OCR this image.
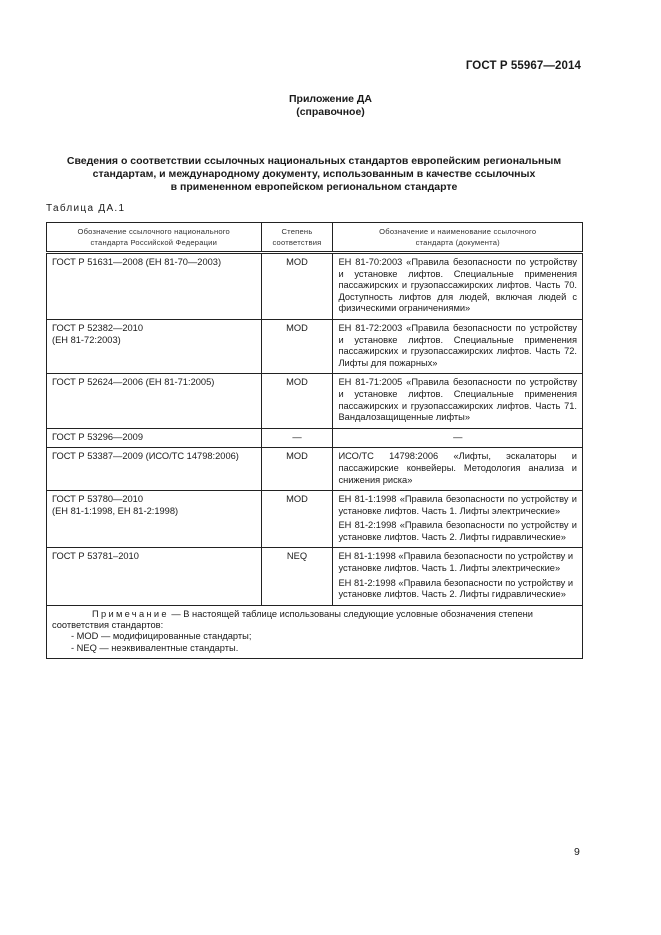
ГОСТ Р 55967—2014
Приложение ДА
(справочное)
Сведения о соответствии ссылочных национальных стандартов европейским региональным
стандартам, и международному документу, использованным в качестве ссылочных
в примененном европейском региональном стандарте
Таблица ДА.1
Обозначение ссылочного национального стандарта Российской Федерации	Степень соответствия	Обозначение и наименование ссылочного стандарта (документа)
ГОСТ Р 51631—2008 (ЕН 81-70—2003)	MOD	ЕН 81-70:2003 «Правила безопасности по устройству и установке лифтов. Специальные применения пассажирских и грузопассажирских лифтов. Часть 70. Доступность лифтов для людей, включая людей с физическими ограничениями»

ГОСТ Р 52382—2010
(ЕН 81-72:2003)	MOD	ЕН 81-72:2003 «Правила безопасности по устройству и установке лифтов. Специальные применения пассажирских и грузопассажирских лифтов. Часть 72. Лифты для пожарных»

ГОСТ Р 52624—2006 (ЕН 81-71:2005)	MOD	ЕН 81-71:2005 «Правила безопасности по устройству и установке лифтов. Специальные применения пассажирских и грузопассажирских лифтов. Часть 71. Вандалозащищенные лифты»

ГОСТ Р 53296—2009	—	—
ГОСТ Р 53387—2009 (ИСО/ТС 14798:2006)	MOD	ИСО/ТС 14798:2006 «Лифты, эскалаторы и пассажирские конвейеры. Методология анализа и снижения риска»

ГОСТ Р 53780—2010
(ЕН 81-1:1998, ЕН 81-2:1998)	MOD	ЕН 81-1:1998 «Правила безопасности по устройству и установке лифтов. Часть 1. Лифты электрические»
ЕН 81-2:1998 «Правила безопасности по устройству и установке лифтов. Часть 2. Лифты гидравлические»

ГОСТ Р 53781–2010	NEQ	ЕН 81-1:1998 «Правила безопасности по устройству и установке лифтов. Часть 1. Лифты электрические»
ЕН 81-2:1998 «Правила безопасности по устройству и установке лифтов. Часть 2. Лифты гидравлические»

Примечание — В настоящей таблице использованы следующие условные обозначения степени соответствия стандартов:
- MOD — модифицированные стандарты;
- NEQ — неэквивалентные стандарты.		
9
